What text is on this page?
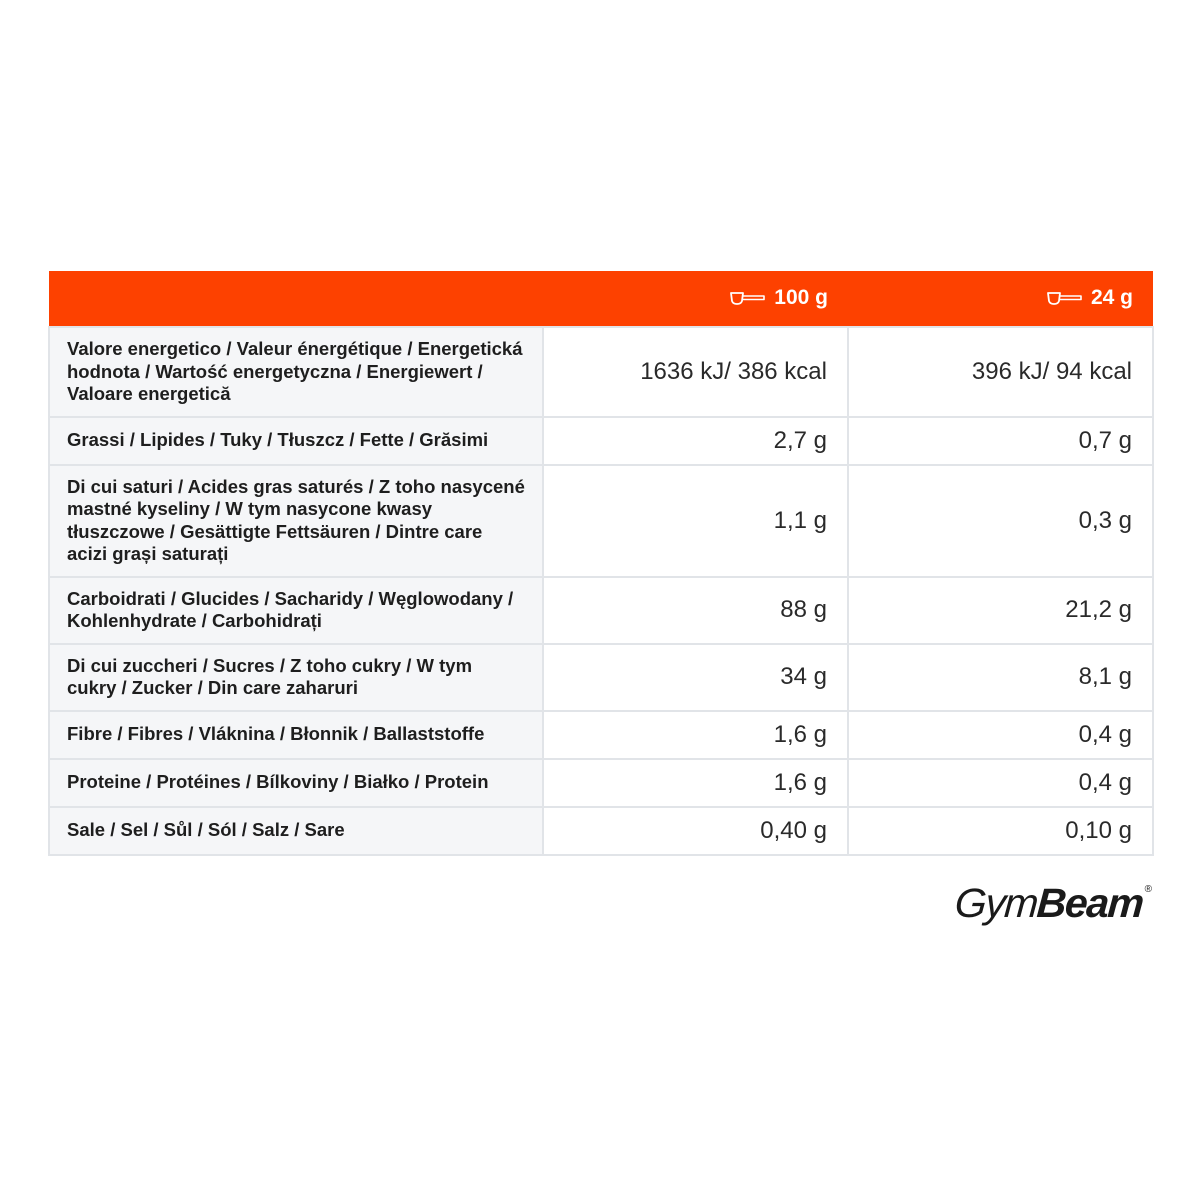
	100 g	24 g

Valore energetico / Valeur énergétique / Energetická hodnota / Wartość energetyczna / Energiewert / Valoare energetică	1636 kJ/ 386 kcal	396 kJ/ 94 kcal
Grassi / Lipides / Tuky / Tłuszcz / Fette / Grăsimi	2,7 g	0,7 g
Di cui saturi / Acides gras saturés / Z toho nasycené mastné kyseliny / W tym nasycone kwasy tłuszczowe / Gesättigte Fettsäuren / Dintre care acizi grași saturați	1,1 g	0,3 g
Carboidrati / Glucides / Sacharidy / Węglowodany / Kohlenhydrate / Carbohidrați	88 g	21,2 g
Di cui zuccheri / Sucres / Z toho cukry / W tym cukry / Zucker / Din care zaharuri	34 g	8,1 g
Fibre / Fibres / Vláknina / Błonnik / Ballaststoffe	1,6 g	0,4 g
Proteine / Protéines / Bílkoviny / Białko / Protein	1,6 g	0,4 g
Sale / Sel / Sůl / Sól / Salz / Sare	0,40 g	0,10 g
Gym
Beam ®
